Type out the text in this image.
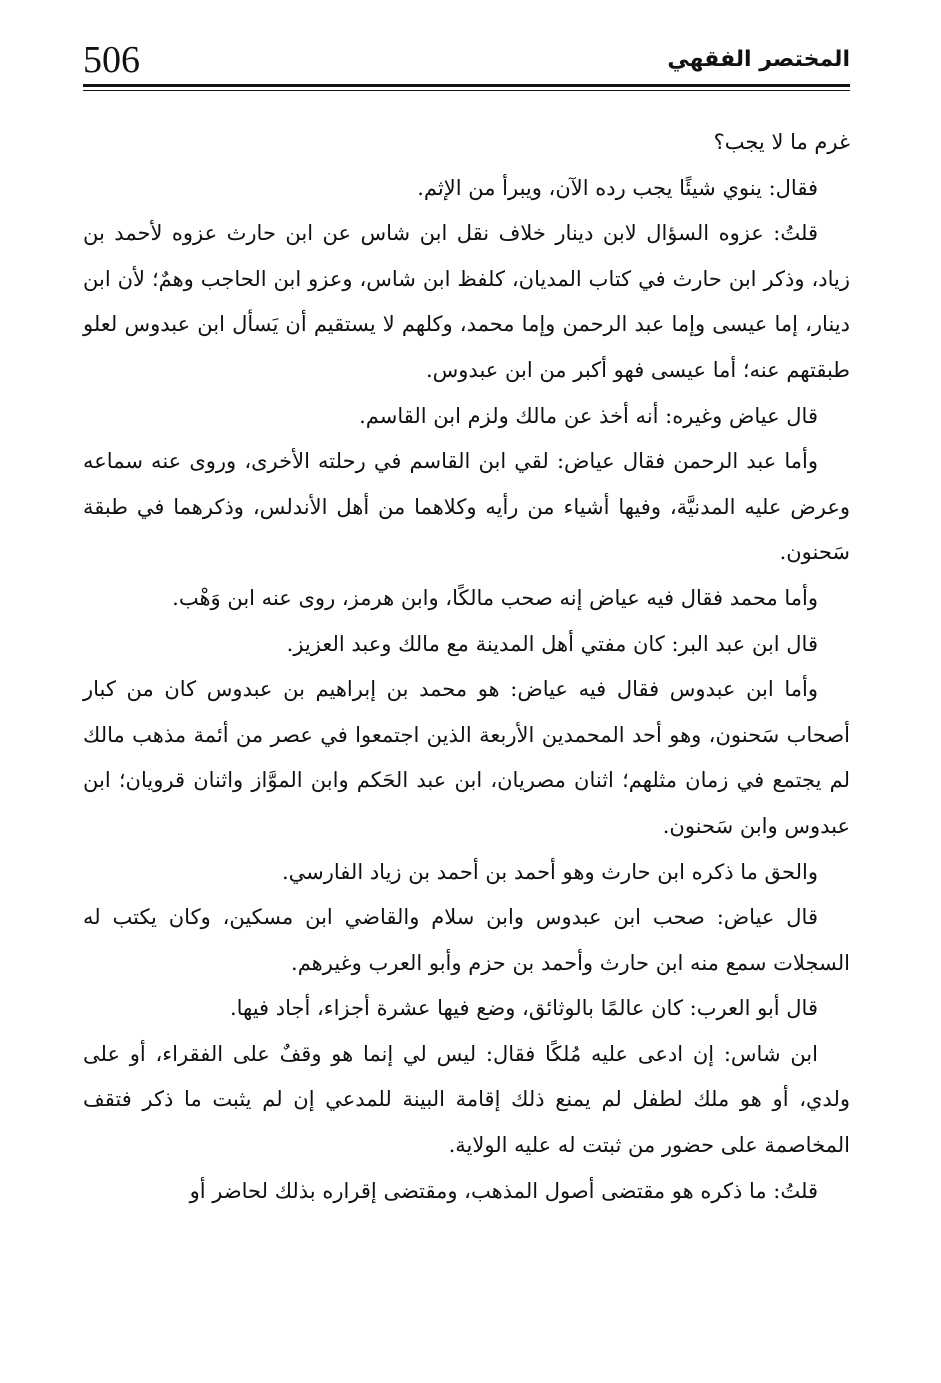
506	المختصر الفقهي

غرم ما لا يجب؟

فقال: ينوي شيئًا يجب رده الآن، ويبرأ من الإثم.

قلتُ: عزوه السؤال لابن دينار خلاف نقل ابن شاس عن ابن حارث عزوه لأحمد بن زياد، وذكر ابن حارث في كتاب المديان، كلفظ ابن شاس، وعزو ابن الحاجب وهمٌ؛ لأن ابن دينار، إما عيسى وإما عبد الرحمن وإما محمد، وكلهم لا يستقيم أن يَسأل ابن عبدوس لعلو طبقتهم عنه؛ أما عيسى فهو أكبر من ابن عبدوس.

قال عياض وغيره: أنه أخذ عن مالك ولزم ابن القاسم.

وأما عبد الرحمن فقال عياض: لقي ابن القاسم في رحلته الأخرى، وروى عنه سماعه وعرض عليه المدنيَّة، وفيها أشياء من رأيه وكلاهما من أهل الأندلس، وذكرهما في طبقة سَحنون.

وأما محمد فقال فيه عياض إنه صحب مالكًا، وابن هرمز، روى عنه ابن وَهْب.

قال ابن عبد البر: كان مفتي أهل المدينة مع مالك وعبد العزيز.

وأما ابن عبدوس فقال فيه عياض: هو محمد بن إبراهيم بن عبدوس كان من كبار أصحاب سَحنون، وهو أحد المحمدين الأربعة الذين اجتمعوا في عصر من أئمة مذهب مالك لم يجتمع في زمان مثلهم؛ اثنان مصريان، ابن عبد الحَكم وابن الموَّاز واثنان قرويان؛ ابن عبدوس وابن سَحنون.

والحق ما ذكره ابن حارث وهو أحمد بن أحمد بن زياد الفارسي.

قال عياض: صحب ابن عبدوس وابن سلام والقاضي ابن مسكين، وكان يكتب له السجلات سمع منه ابن حارث وأحمد بن حزم وأبو العرب وغيرهم.

قال أبو العرب: كان عالمًا بالوثائق، وضع فيها عشرة أجزاء، أجاد فيها.

ابن شاس: إن ادعى عليه مُلكًا فقال: ليس لي إنما هو وقفٌ على الفقراء، أو على ولدي، أو هو ملك لطفل لم يمنع ذلك إقامة البينة للمدعي إن لم يثبت ما ذكر فتقف المخاصمة على حضور من ثبتت له عليه الولاية.

قلتُ: ما ذكره هو مقتضى أصول المذهب، ومقتضى إقراره بذلك لحاضر أو
